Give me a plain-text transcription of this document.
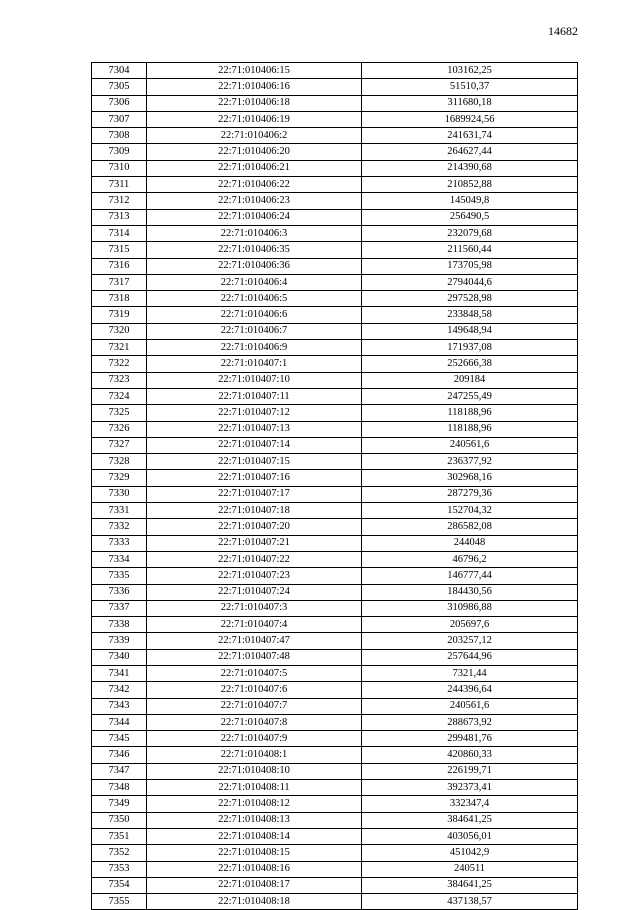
14682
7304	22:71:010406:15	103162,25
7305	22:71:010406:16	51510,37
7306	22:71:010406:18	311680,18
7307	22:71:010406:19	1689924,56
7308	22:71:010406:2	241631,74
7309	22:71:010406:20	264627,44
7310	22:71:010406:21	214390,68
7311	22:71:010406:22	210852,88
7312	22:71:010406:23	145049,8
7313	22:71:010406:24	256490,5
7314	22:71:010406:3	232079,68
7315	22:71:010406:35	211560,44
7316	22:71:010406:36	173705,98
7317	22:71:010406:4	2794044,6
7318	22:71:010406:5	297528,98
7319	22:71:010406:6	233848,58
7320	22:71:010406:7	149648,94
7321	22:71:010406:9	171937,08
7322	22:71:010407:1	252666,38
7323	22:71:010407:10	209184
7324	22:71:010407:11	247255,49
7325	22:71:010407:12	118188,96
7326	22:71:010407:13	118188,96
7327	22:71:010407:14	240561,6
7328	22:71:010407:15	236377,92
7329	22:71:010407:16	302968,16
7330	22:71:010407:17	287279,36
7331	22:71:010407:18	152704,32
7332	22:71:010407:20	286582,08
7333	22:71:010407:21	244048
7334	22:71:010407:22	46796,2
7335	22:71:010407:23	146777,44
7336	22:71:010407:24	184430,56
7337	22:71:010407:3	310986,88
7338	22:71:010407:4	205697,6
7339	22:71:010407:47	203257,12
7340	22:71:010407:48	257644,96
7341	22:71:010407:5	7321,44
7342	22:71:010407:6	244396,64
7343	22:71:010407:7	240561,6
7344	22:71:010407:8	288673,92
7345	22:71:010407:9	299481,76
7346	22:71:010408:1	420860,33
7347	22:71:010408:10	226199,71
7348	22:71:010408:11	392373,41
7349	22:71:010408:12	332347,4
7350	22:71:010408:13	384641,25
7351	22:71:010408:14	403056,01
7352	22:71:010408:15	451042,9
7353	22:71:010408:16	240511
7354	22:71:010408:17	384641,25
7355	22:71:010408:18	437138,57
